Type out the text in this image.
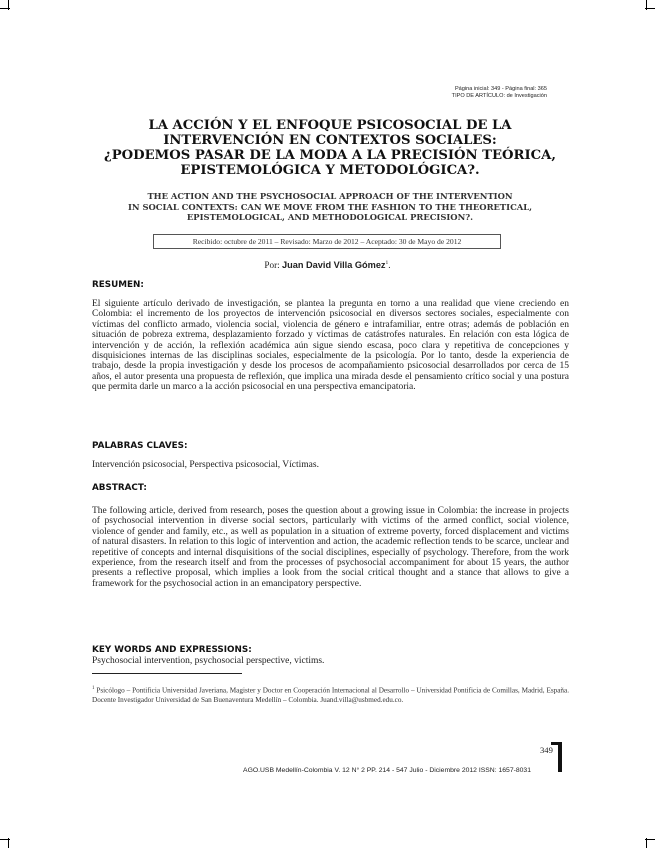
Página inicial: 349 - Página final: 365
TIPO DE ARTÍCULO: de Investigación
LA ACCIÓN Y EL ENFOQUE PSICOSOCIAL DE LA
INTERVENCIÓN EN CONTEXTOS SOCIALES:
¿PODEMOS PASAR DE LA MODA A LA PRECISIÓN TEÓRICA,
EPISTEMOLÓGICA Y METODOLÓGICA?.
THE ACTION AND THE PSYCHOSOCIAL APPROACH OF THE INTERVENTION
IN SOCIAL CONTEXTS: CAN WE MOVE FROM THE FASHION TO THE THEORETICAL,
EPISTEMOLOGICAL, AND METHODOLOGICAL PRECISION?.
Recibido: octubre de 2011 – Revisado: Marzo de 2012 – Aceptado: 30 de Mayo de 2012
Por: Juan David Villa Gómez$^1$.
RESUMEN:
El siguiente artículo derivado de investigación, se plantea la pregunta en torno a una realidad que viene creciendo en Colombia: el incremento de los proyectos de intervención psicosocial en diversos sectores sociales, especialmente con víctimas del conflicto armado, violencia social, violencia de género e intrafamiliar, entre otras; además de población en situación de pobreza extrema, desplazamiento forzado y víctimas de catástrofes naturales. En relación con esta lógica de intervención y de acción, la reflexión académica aún sigue siendo escasa, poco clara y repetitiva de concepciones y disquisiciones internas de las disciplinas sociales, especialmente de la psicología. Por lo tanto, desde la experiencia de trabajo, desde la propia investigación y desde los procesos de acompañamiento psicosocial desarrollados por cerca de 15 años, el autor presenta una propuesta de reflexión, que implica una mirada desde el pensamiento crítico social y una postura que permita darle un marco a la acción psicosocial en una perspectiva emancipatoria.
PALABRAS CLAVES:
Intervención psicosocial, Perspectiva psicosocial, Víctimas.
ABSTRACT:
The following article, derived from research, poses the question about a growing issue in Colombia: the increase in projects of psychosocial intervention in diverse social sectors, particularly with victims of the armed conflict, social violence, violence of gender and family, etc., as well as population in a situation of extreme poverty, forced displacement and victims of natural disasters. In relation to this logic of intervention and action, the academic reflection tends to be scarce, unclear and repetitive of concepts and internal disquisitions of the social disciplines, especially of psychology. Therefore, from the work experience, from the research itself and from the processes of psychosocial accompaniment for about 15 years, the author presents a reflective proposal, which implies a look from the social critical thought and a stance that allows to give a framework for the psychosocial action in an emancipatory perspective.
KEY WORDS AND EXPRESSIONS:
Psychosocial intervention, psychosocial perspective, victims.
$^1$ Psicólogo – Pontificia Universidad Javeriana, Magister y Doctor en Cooperación Internacional al Desarrollo – Universidad Pontificia de Comillas, Madrid, España. Docente Investigador Universidad de San Buenaventura Medellín – Colombia. Juand.villa@usbmed.edu.co.
349
AGO.USB Medellín-Colombia V. 12 N° 2 PP. 214 - 547 Julio - Diciembre 2012 ISSN: 1657-8031
